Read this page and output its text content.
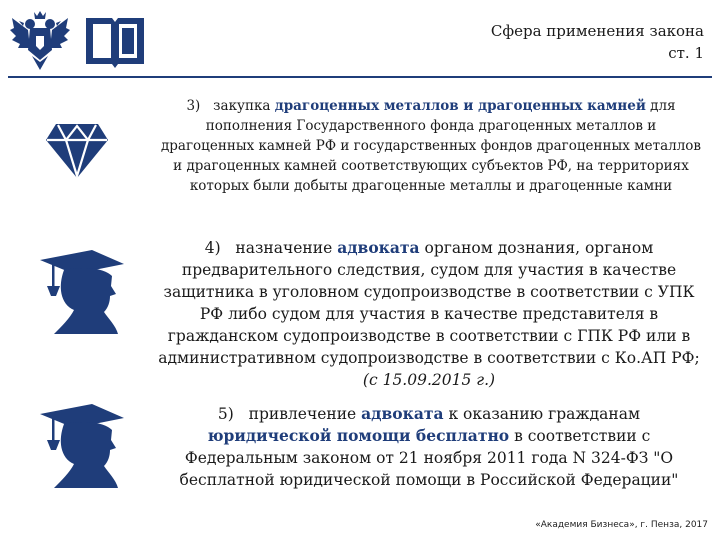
Сфера применения закона
ст. 1
3) закупка драгоценных металлов и драгоценных камней для пополнения Государственного фонда драгоценных металлов и драгоценных камней РФ и государственных фондов драгоценных металлов и драгоценных камней соответствующих субъектов РФ, на территориях которых были добыты драгоценные металлы и драгоценные камни
4) назначение адвоката органом дознания, органом предварительного следствия, судом для участия в качестве защитника в уголовном судопроизводстве в соответствии с УПК РФ либо судом для участия в качестве представителя в гражданском судопроизводстве в соответствии с ГПК РФ или в административном судопроизводстве в соответствии с Ко.АП РФ; (с 15.09.2015 г.)
5) привлечение адвоката к оказанию гражданам юридической помощи бесплатно в соответствии с Федеральным законом от 21 ноября 2011 года N 324-ФЗ "О бесплатной юридической помощи в Российской Федерации"
«Академия Бизнеса», г. Пенза, 2017
